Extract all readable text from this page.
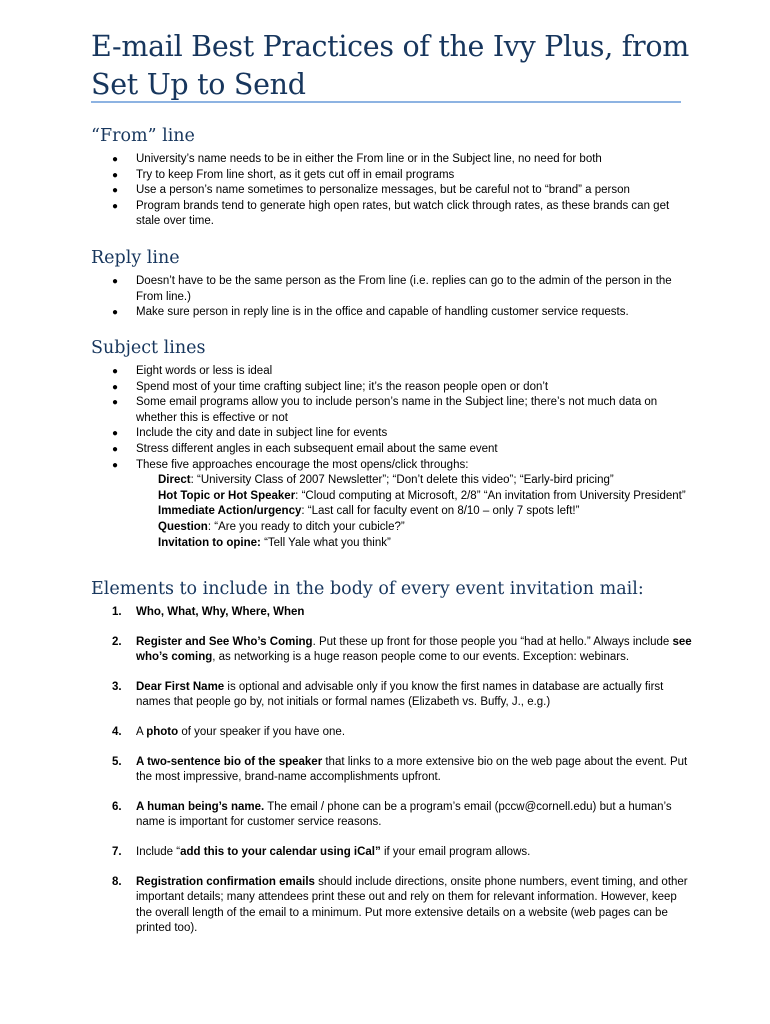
E-mail Best Practices of the Ivy Plus, from Set Up to Send
“From” line
●	University’s name needs to be in either the From line or in the Subject line, no need for both
●	Try to keep From line short, as it gets cut off in email programs
●	Use a person’s name sometimes to personalize messages, but be careful not to “brand” a person
●	Program brands tend to generate high open rates, but watch click through rates, as these brands can get stale over time.
Reply line
●	Doesn’t have to be the same person as the From line (i.e. replies can go to the admin of the person in the From line.)
●	Make sure person in reply line is in the office and capable of handling customer service requests.
Subject lines
●	Eight words or less is ideal
●	Spend most of your time crafting subject line; it’s the reason people open or don’t
●	Some email programs allow you to include person’s name in the Subject line; there’s not much data on whether this is effective or not
●	Include the city and date in subject line for events
●	Stress different angles in each subsequent email about the same event
●	These five approaches encourage the most opens/click throughs:
Direct: “University Class of 2007 Newsletter”; “Don’t delete this video”; “Early-bird pricing”
Hot Topic or Hot Speaker: “Cloud computing at Microsoft, 2/8” “An invitation from University President”
Immediate Action/urgency: “Last call for faculty event on 8/10 – only 7 spots left!”
Question: “Are you ready to ditch your cubicle?”
Invitation to opine: “Tell Yale what you think”
Elements to include in the body of every event invitation mail:
1.	Who, What, Why, Where, When
2.	Register and See Who’s Coming. Put these up front for those people you “had at hello.” Always include see who’s coming, as networking is a huge reason people come to our events. Exception: webinars.
3.	Dear First Name is optional and advisable only if you know the first names in database are actually first names that people go by, not initials or formal names (Elizabeth vs. Buffy, J., e.g.)
4.	A photo of your speaker if you have one.
5.	A two-sentence bio of the speaker that links to a more extensive bio on the web page about the event. Put the most impressive, brand-name accomplishments upfront.
6.	A human being’s name. The email / phone can be a program’s email (pccw@cornell.edu) but a human’s name is important for customer service reasons.
7.	Include “add this to your calendar using iCal” if your email program allows.
8.	Registration confirmation emails should include directions, onsite phone numbers, event timing, and other important details; many attendees print these out and rely on them for relevant information. However, keep the overall length of the email to a minimum. Put more extensive details on a website (web pages can be printed too).
